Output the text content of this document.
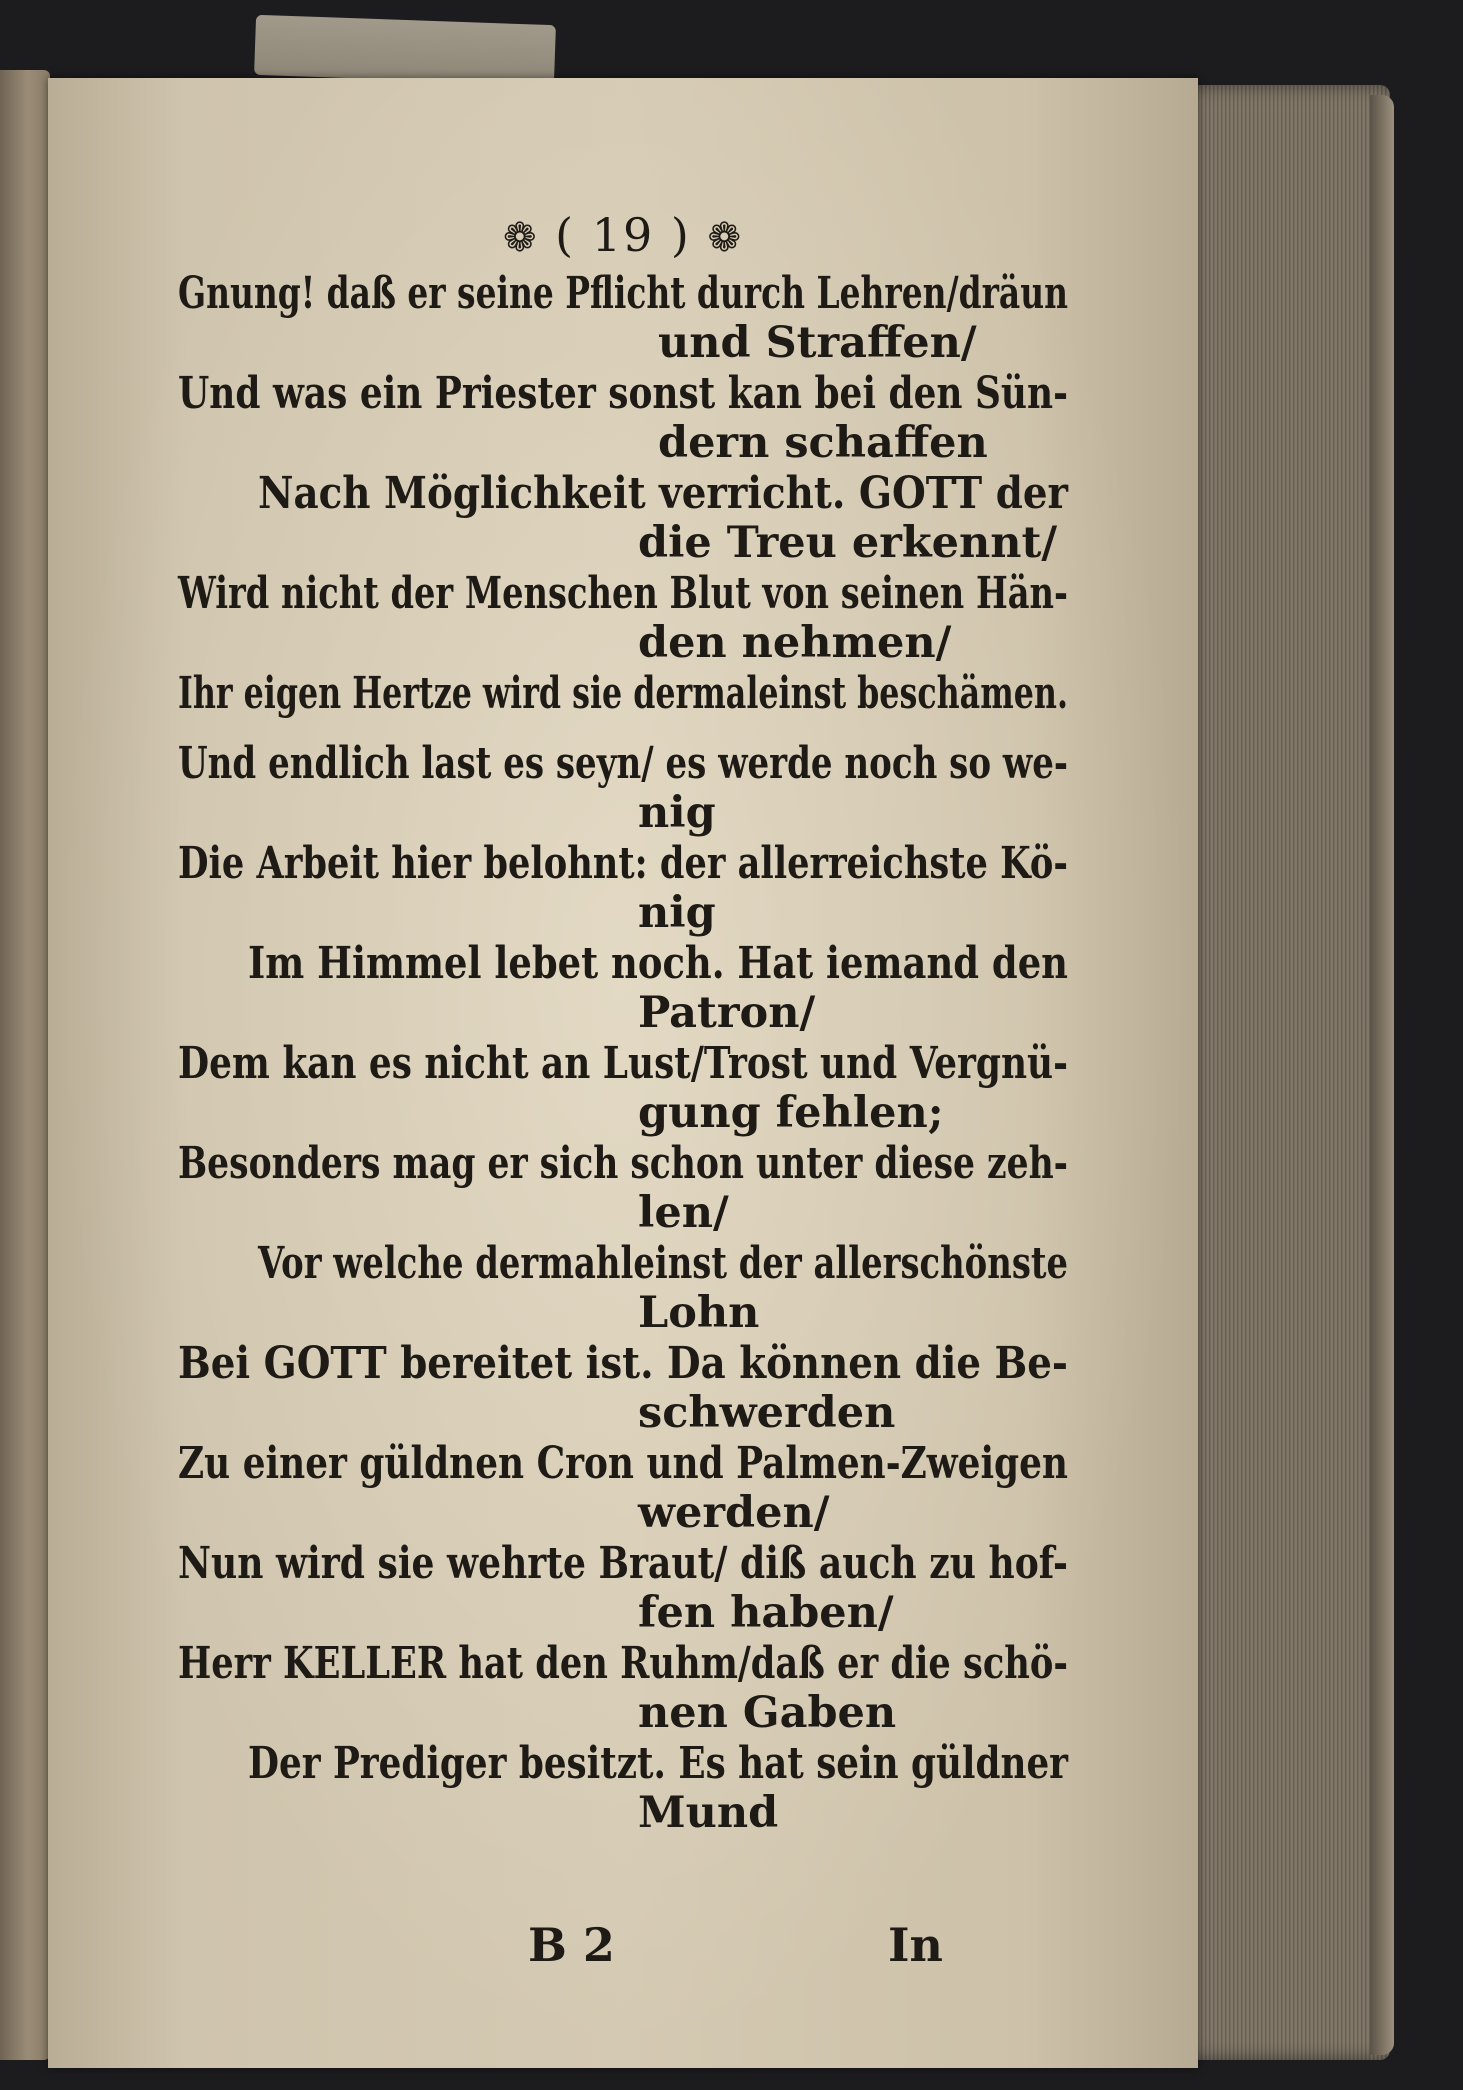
❁ ( 19 ) ❁
Gnung! daß er seine Pflicht durch Lehren/dräun
und Straffen/
Und was ein Priester sonst kan bei den Sün-
dern schaffen
Nach Möglichkeit verricht. GOTT der
die Treu erkennt/
Wird nicht der Menschen Blut von seinen Hän-
den nehmen/
Ihr eigen Hertze wird sie dermaleinst beschämen.
Und endlich last es seyn/ es werde noch so we-
nig
Die Arbeit hier belohnt: der allerreichste Kö-
nig
Im Himmel lebet noch. Hat iemand den
Patron/
Dem kan es nicht an Lust/Trost und Vergnü-
gung fehlen;
Besonders mag er sich schon unter diese zeh-
len/
Vor welche dermahleinst der allerschönste
Lohn
Bei GOTT bereitet ist. Da können die Be-
schwerden
Zu einer güldnen Cron und Palmen-Zweigen
werden/
Nun wird sie wehrte Braut/ diß auch zu hof-
fen haben/
Herr KELLER hat den Ruhm/daß er die schö-
nen Gaben
Der Prediger besitzt. Es hat sein güldner
Mund
B 2	In
